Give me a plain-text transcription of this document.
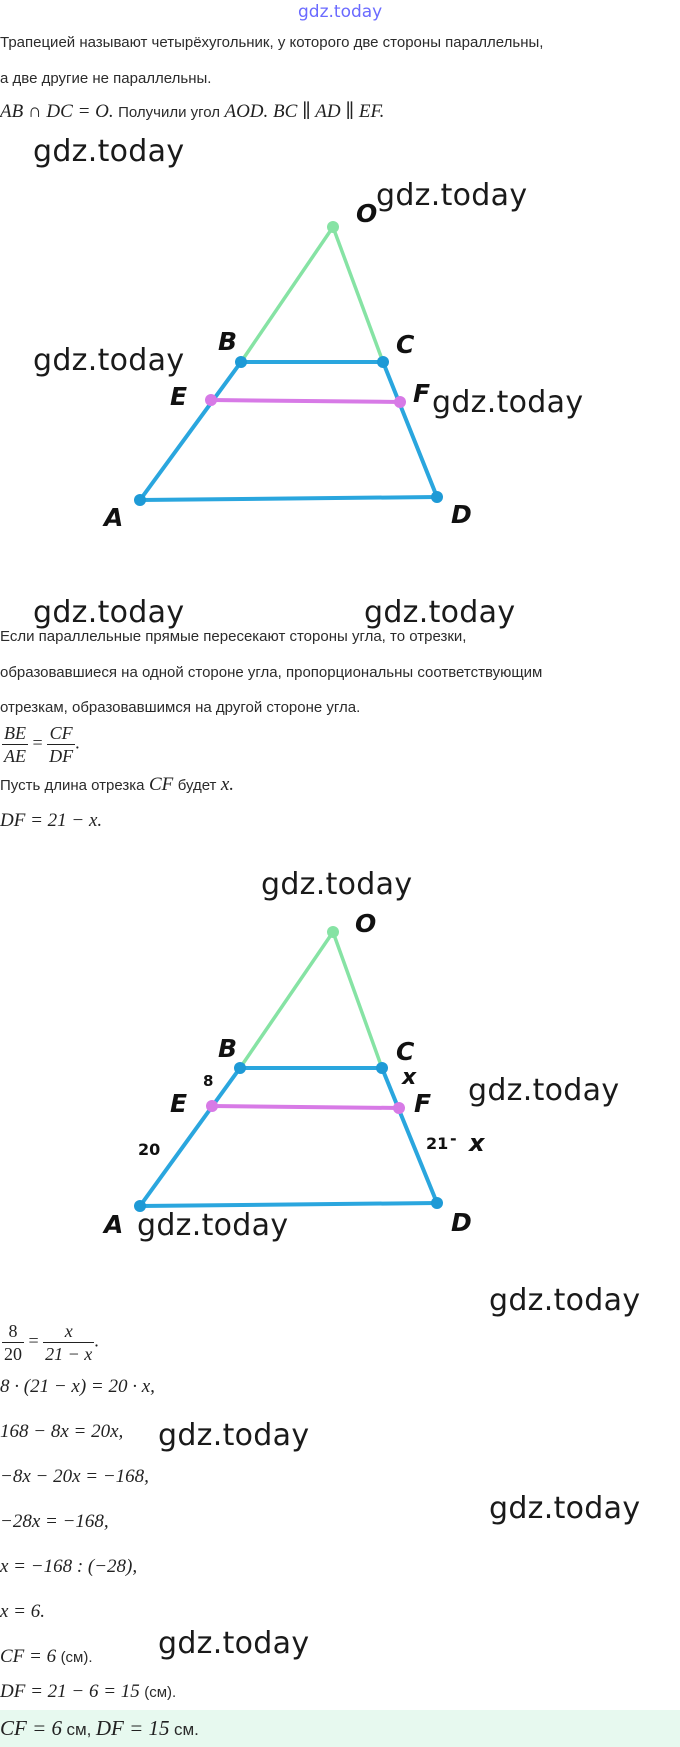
gdz.today
Трапецией называют четырёхугольник, у которого две стороны параллельны,
а две другие не параллельны.
AB ∩ DC = O. Получили угол AOD. BC ∥ AD ∥ EF.
gdz.today
gdz.today
gdz.today
gdz.today
O
B	C
E	F
A	D
gdz.today	gdz.today
Если параллельные прямые пересекают стороны угла, то отрезки,
образовавшиеся на одной стороне угла, пропорциональны соответствующим
отрезкам, образовавшимся на другой стороне угла.
$\frac{BE}{AE} = \frac{CF}{DF}$ .
Пусть длина отрезка CF будет x.
DF = 21 − x.
gdz.today
O
B	C
x
8
E	F
20	21 - x
A	D
gdz.today
gdz.today
gdz.today
$\frac{8}{20} = \frac{x}{21 - x}$ .
8 · (21 − x) = 20 · x,
168 − 8x = 20x, gdz.today
−8x − 20x = −168,
gdz.today
−28x = −168,
x = −168 : (−28),
x = 6.
gdz.today
CF = 6 (см).
DF = 21 − 6 = 15 (см).
CF = 6 см, DF = 15 см.
